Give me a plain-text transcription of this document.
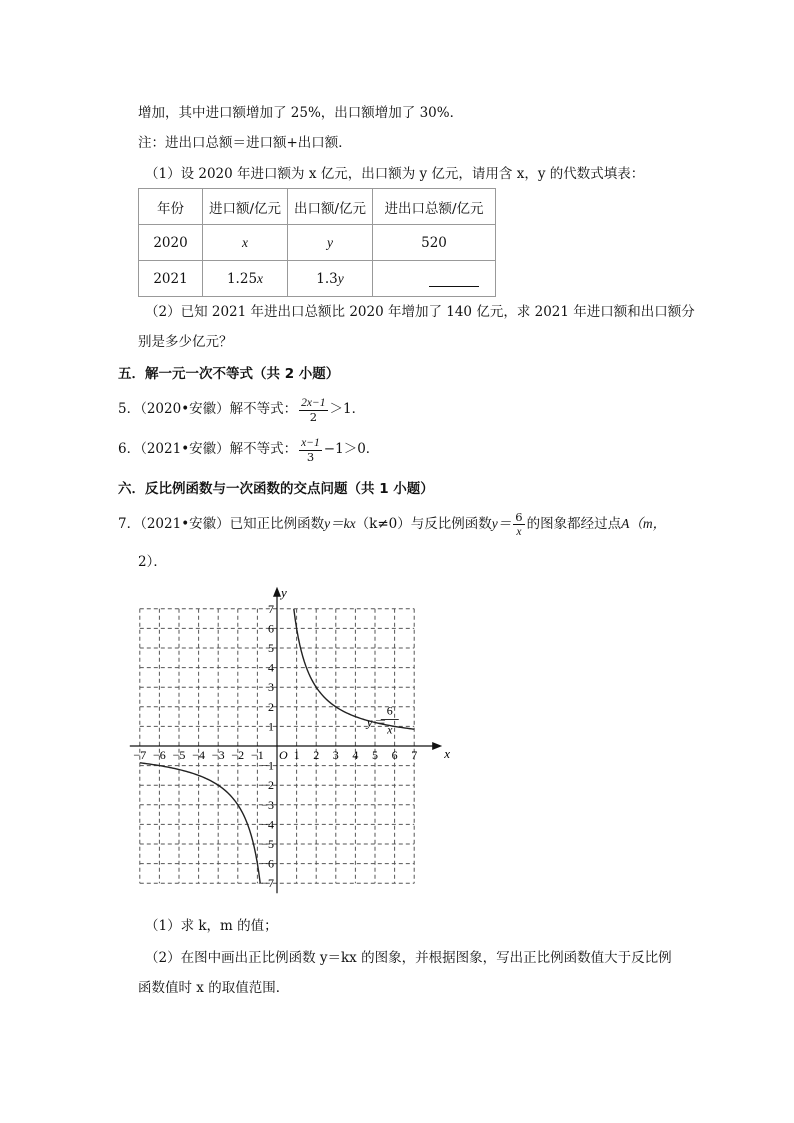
增加，其中进口额增加了 25%，出口额增加了 30%．
注：进出口总额＝进口额+出口额．
（1）设 2020 年进口额为 x 亿元，出口额为 y 亿元，请用含 x，y 的代数式填表：
年份	进口额/亿元	出口额/亿元	进出口总额/亿元
2020	x	y	520
2021	1.25x	1.3y	
（2）已知 2021 年进出口总额比 2020 年增加了 140 亿元，求 2021 年进口额和出口额分
别是多少亿元？
五．解一元一次不等式（共 2 小题）
5．（2020•安徽）解不等式： $\frac{2x-1}{2} >1$．
6．（2021•安徽）解不等式： $\frac{x-1}{3} -1>0$．
六．反比例函数与一次函数的交点问题（共 1 小题）
7．（2021•安徽）已知正比例函数y＝kx（k≠0）与反比例函数$y= \frac{6}{x}$ 的图象都经过点A（m，
2）．
−7 −6 −5 −4 −3 −2 −1 1 2 3 4 5 6 7
7
6
5
4
3
2
1
−1
−2
−3
−4
−5
−6
−7
O	x
y
y＝
6
x
（1）求 k，m 的值；
（2）在图中画出正比例函数 y＝kx 的图象，并根据图象，写出正比例函数值大于反比例
函数值时 x 的取值范围．
